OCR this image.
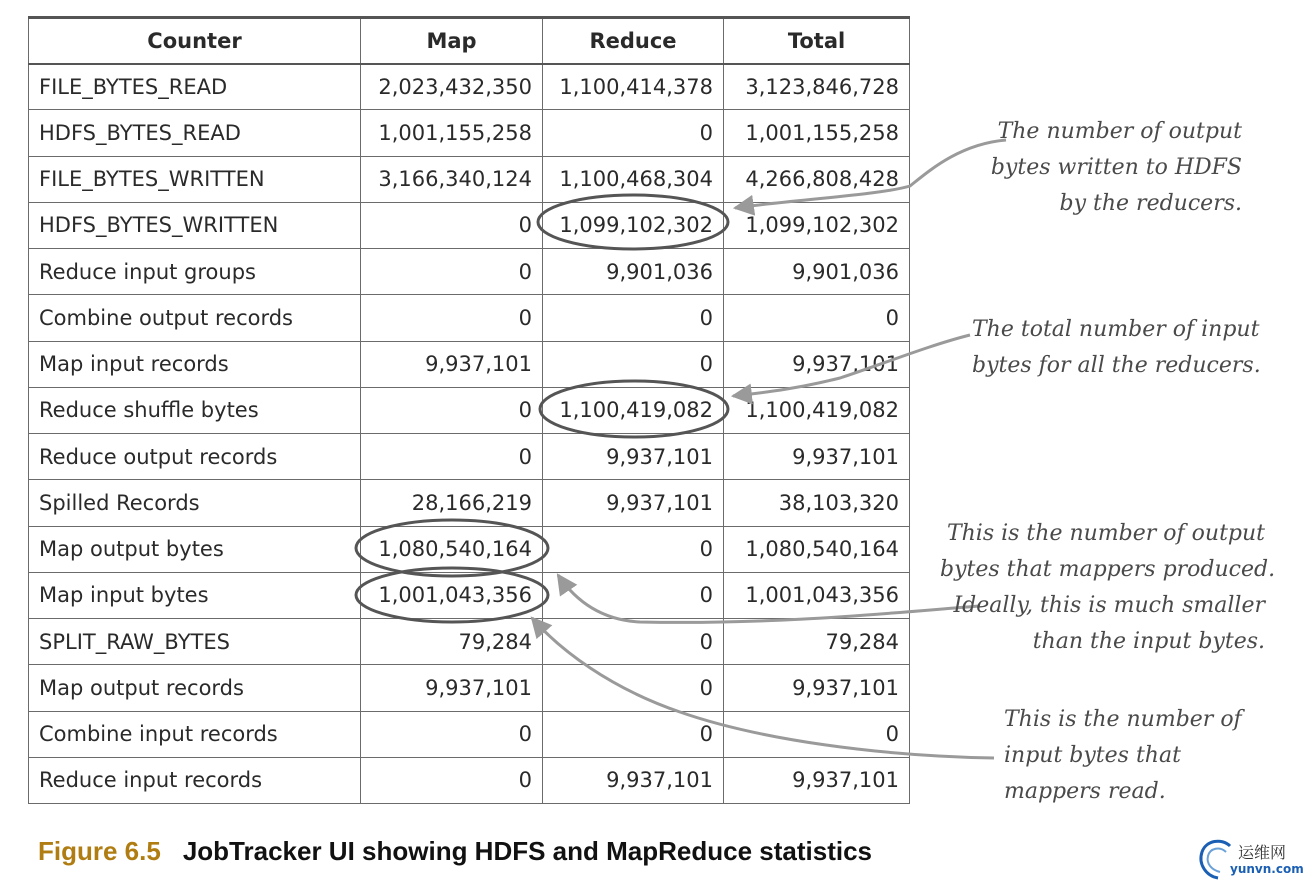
Counter	Map	Reduce	Total
FILE_BYTES_READ	2,023,432,350	1,100,414,378	3,123,846,728
HDFS_BYTES_READ	1,001,155,258	0	1,001,155,258
FILE_BYTES_WRITTEN	3,166,340,124	1,100,468,304	4,266,808,428
HDFS_BYTES_WRITTEN	0	1,099,102,302	1,099,102,302
Reduce input groups	0	9,901,036	9,901,036
Combine output records	0	0	0
Map input records	9,937,101	0	9,937,101
Reduce shuffle bytes	0	1,100,419,082	1,100,419,082
Reduce output records	0	9,937,101	9,937,101
Spilled Records	28,166,219	9,937,101	38,103,320
Map output bytes	1,080,540,164	0	1,080,540,164
Map input bytes	1,001,043,356	0	1,001,043,356
SPLIT_RAW_BYTES	79,284	0	79,284
Map output records	9,937,101	0	9,937,101
Combine input records	0	0	0
Reduce input records	0	9,937,101	9,937,101
The number of output
bytes written to HDFS
by the reducers.
The total number of input
bytes for all the reducers.
This is the number of output
bytes that mappers produced.
Ideally, this is much smaller
than the input bytes.
This is the number of
input bytes that
mappers read.
Figure 6.5 JobTracker UI showing HDFS and MapReduce statistics	运维网
yunvn.com
